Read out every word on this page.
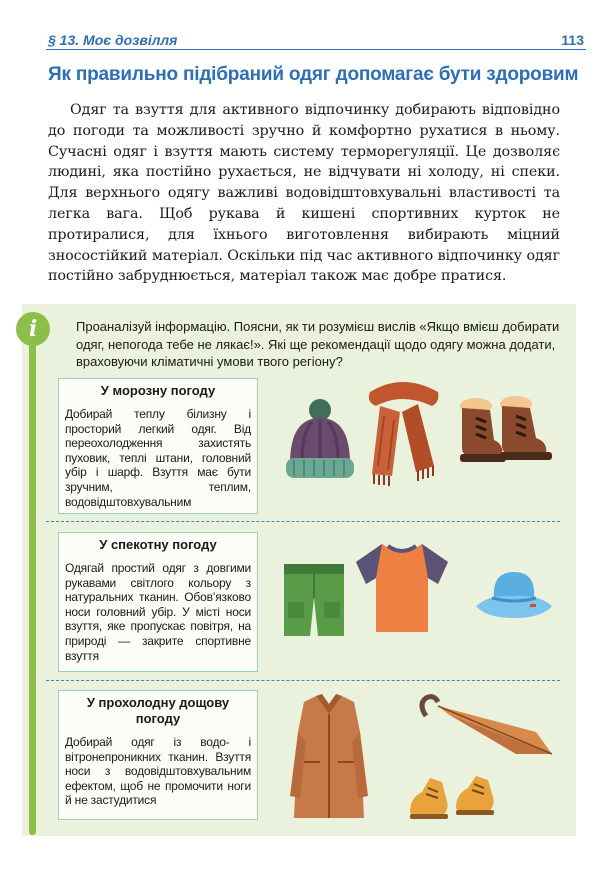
§ 13. Моє дозвілля	113
Як правильно підібраний одяг допомагає бути здоровим

Одяг та взуття для активного відпочинку добирають відповідно до погоди та можливості зручно й комфортно рухатися в ньому. Сучасні одяг і взуття мають систему терморегуляції. Це дозволяє людині, яка постійно рухається, не відчувати ні холоду, ні спеки. Для верхнього одягу важливі водовідштовхувальні властивості та легка вага. Щоб рукава й кишені спортивних курток не протиралися, для їхнього виготовлення вибирають міцний зносостійкий матеріал. Оскільки під час активного відпочинку одяг постійно забруднюється, матеріал також має добре пратися.

i	Проаналізуй інформацію. Поясни, як ти розумієш вислів «Якщо вмієш добирати одяг, непогода тебе не лякає!». Які ще рекомендації щодо одягу можна додати, враховуючи кліматичні умови твого регіону?

У морозну погоду
Добирай теплу білизну і просторий легкий одяг. Від переохолодження захистять пуховик, теплі штани, головний убір і шарф. Взуття має бути зручним, теплим, водовідштовхувальним
У спекотну погоду
Одягай простий одяг з довгими рукавами світлого кольору з натуральних тканин. Обов’язково носи головний убір. У місті носи взуття, яке пропускає повітря, на природі — закрите спортивне взуття
У прохолодну дощову погоду
Добирай одяг із водо- і вітронепроникних тканин. Взуття носи з водовідштовхувальним ефектом, щоб не промочити ноги й не застудитися
